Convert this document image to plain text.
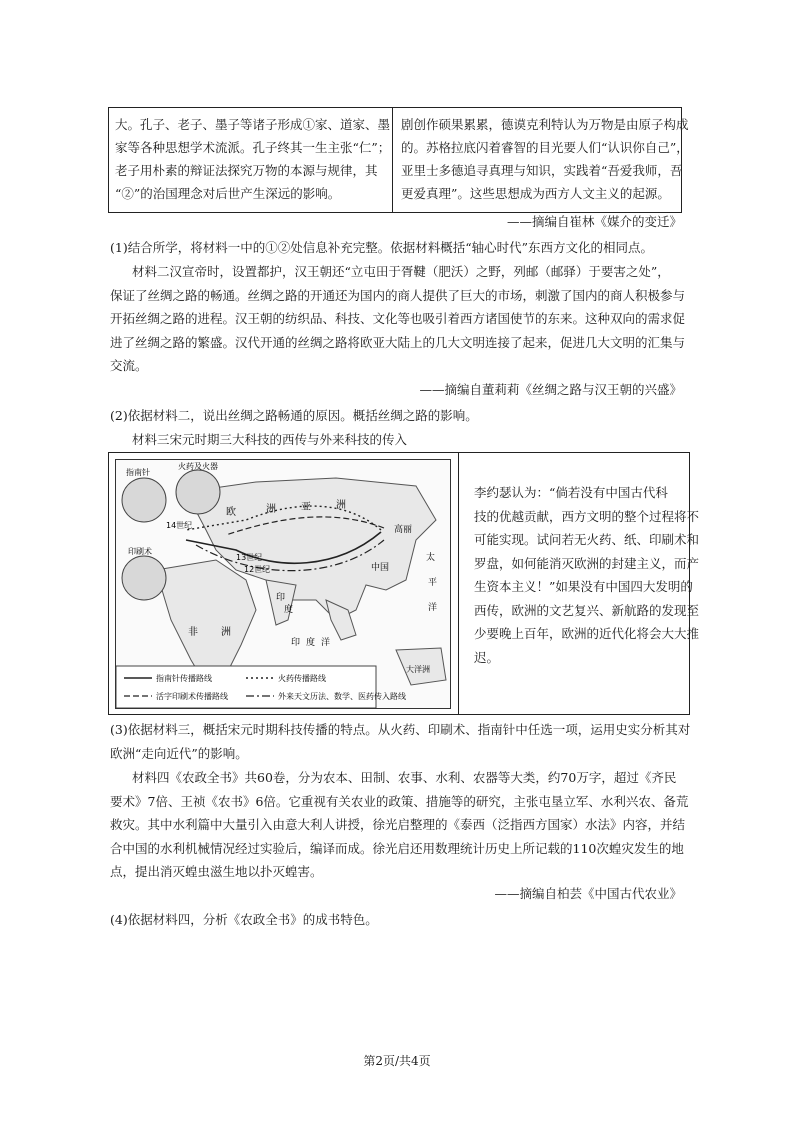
大。孔子、老子、墨子等诸子形成①家、道家、墨

家等各种思想学术流派。孔子终其一生主张“仁”；

老子用朴素的辩证法探究万物的本源与规律，其

“②”的治国理念对后世产生深远的影响。

剧创作硕果累累，德谟克利特认为万物是由原子构成

的。苏格拉底闪着睿智的目光要人们“认识你自己”，

亚里士多德追寻真理与知识，实践着“吾爱我师，吾

更爱真理”。这些思想成为西方人文主义的起源。

——摘编自崔林《媒介的变迁》
(1)结合所学，将材料一中的①②处信息补充完整。依据材料概括“轴心时代”东西方文化的相同点。

材料二汉宣帝时，设置都护，汉王朝还“立屯田于胥鞬（肥沃）之野，列邮（邮驿）于要害之处”，

保证了丝绸之路的畅通。丝绸之路的开通还为国内的商人提供了巨大的市场，刺激了国内的商人积极参与

开拓丝绸之路的进程。汉王朝的纺织品、科技、文化等也吸引着西方诸国使节的东来。这种双向的需求促

进了丝绸之路的繁盛。汉代开通的丝绸之路将欧亚大陆上的几大文明连接了起来，促进几大文明的汇集与

交流。

——摘编自董莉莉《丝绸之路与汉王朝的兴盛》
(2)依据材料二，说出丝绸之路畅通的原因。概括丝绸之路的影响。
材料三宋元时期三大科技的西传与外来科技的传入
指南针
火药及火器
印刷术
欧	洲
非 洲
亚	洲
中国
印
度
印 度 洋
太
平
洋
高丽
大洋洲
14世纪
13世纪
12世纪
指南针传播路线	火药传播路线
活字印刷术传播路线	外来天文历法、数学、医药传入路线

李约瑟认为：“倘若没有中国古代科

技的优越贡献，西方文明的整个过程将不

可能实现。试问若无火药、纸、印刷术和

罗盘，如何能消灭欧洲的封建主义，而产

生资本主义！”如果没有中国四大发明的

西传，欧洲的文艺复兴、新航路的发现至

少要晚上百年，欧洲的近代化将会大大推

迟。

(3)依据材料三，概括宋元时期科技传播的特点。从火药、印刷术、指南针中任选一项，运用史实分析其对

欧洲“走向近代”的影响。

材料四《农政全书》共60卷，分为农本、田制、农事、水利、农器等大类，约70万字，超过《齐民

要术》7倍、王祯《农书》6倍。它重视有关农业的政策、措施等的研究，主张屯垦立军、水利兴农、备荒

救灾。其中水利篇中大量引入由意大利人讲授，徐光启整理的《泰西（泛指西方国家）水法》内容，并结

合中国的水利机械情况经过实验后，编译而成。徐光启还用数理统计历史上所记载的110次蝗灾发生的地

点，提出消灭蝗虫滋生地以扑灭蝗害。

——摘编自柏芸《中国古代农业》
(4)依据材料四，分析《农政全书》的成书特色。
第2页/共4页
